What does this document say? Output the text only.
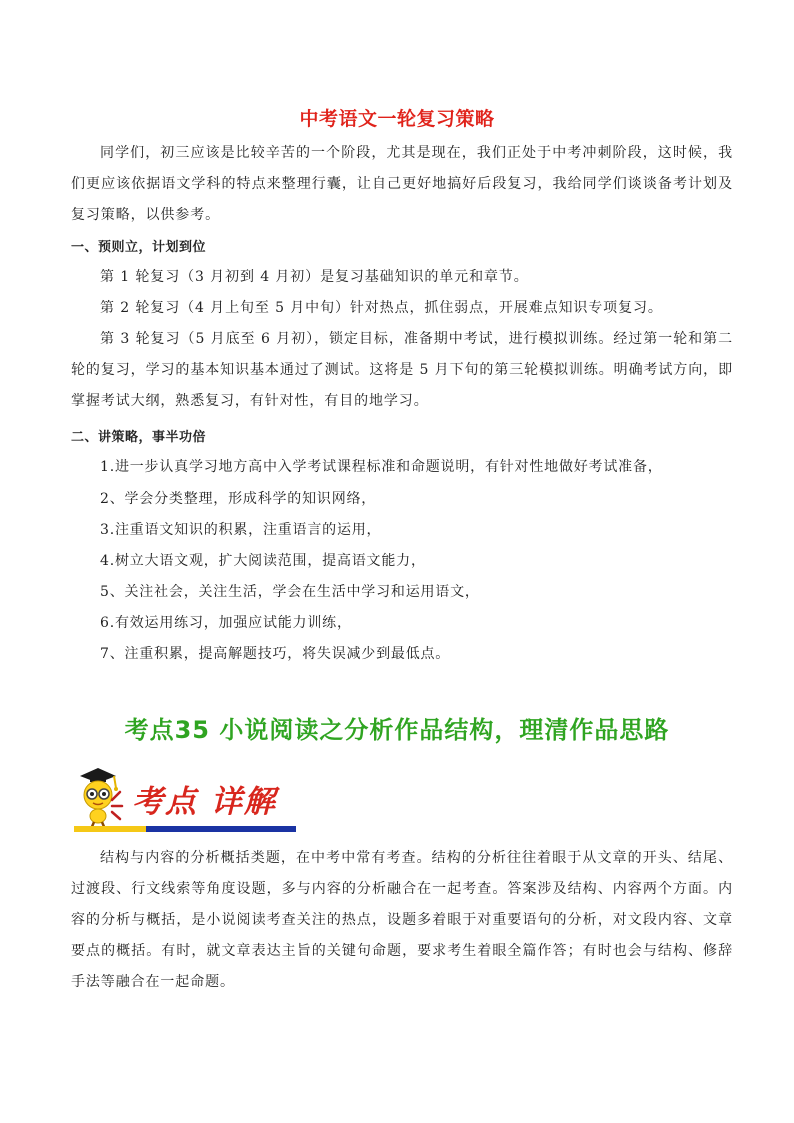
中考语文一轮复习策略
同学们，初三应该是比较辛苦的一个阶段，尤其是现在，我们正处于中考冲刺阶段，这时候，我们更应该依据语文学科的特点来整理行囊，让自己更好地搞好后段复习，我给同学们谈谈备考计划及复习策略，以供参考。
一、预则立，计划到位
第 1 轮复习（3 月初到 4 月初）是复习基础知识的单元和章节。
第 2 轮复习（4 月上旬至 5 月中旬）针对热点，抓住弱点，开展难点知识专项复习。
第 3 轮复习（5 月底至 6 月初），锁定目标，准备期中考试，进行模拟训练。经过第一轮和第二轮的复习，学习的基本知识基本通过了测试。这将是 5 月下旬的第三轮模拟训练。明确考试方向，即掌握考试大纲，熟悉复习，有针对性，有目的地学习。
二、讲策略，事半功倍
1.进一步认真学习地方高中入学考试课程标准和命题说明，有针对性地做好考试准备，
2、学会分类整理，形成科学的知识网络，
3.注重语文知识的积累，注重语言的运用，
4.树立大语文观，扩大阅读范围，提高语文能力，
5、关注社会，关注生活，学会在生活中学习和运用语文，
6.有效运用练习，加强应试能力训练，
7、注重积累，提高解题技巧，将失误减少到最低点。
考点35 小说阅读之分析作品结构，理清作品思路
考点 详解
结构与内容的分析概括类题，在中考中常有考查。结构的分析往往着眼于从文章的开头、结尾、过渡段、行文线索等角度设题，多与内容的分析融合在一起考查。答案涉及结构、内容两个方面。内容的分析与概括，是小说阅读考查关注的热点，设题多着眼于对重要语句的分析，对文段内容、文章要点的概括。有时，就文章表达主旨的关键句命题，要求考生着眼全篇作答；有时也会与结构、修辞手法等融合在一起命题。
